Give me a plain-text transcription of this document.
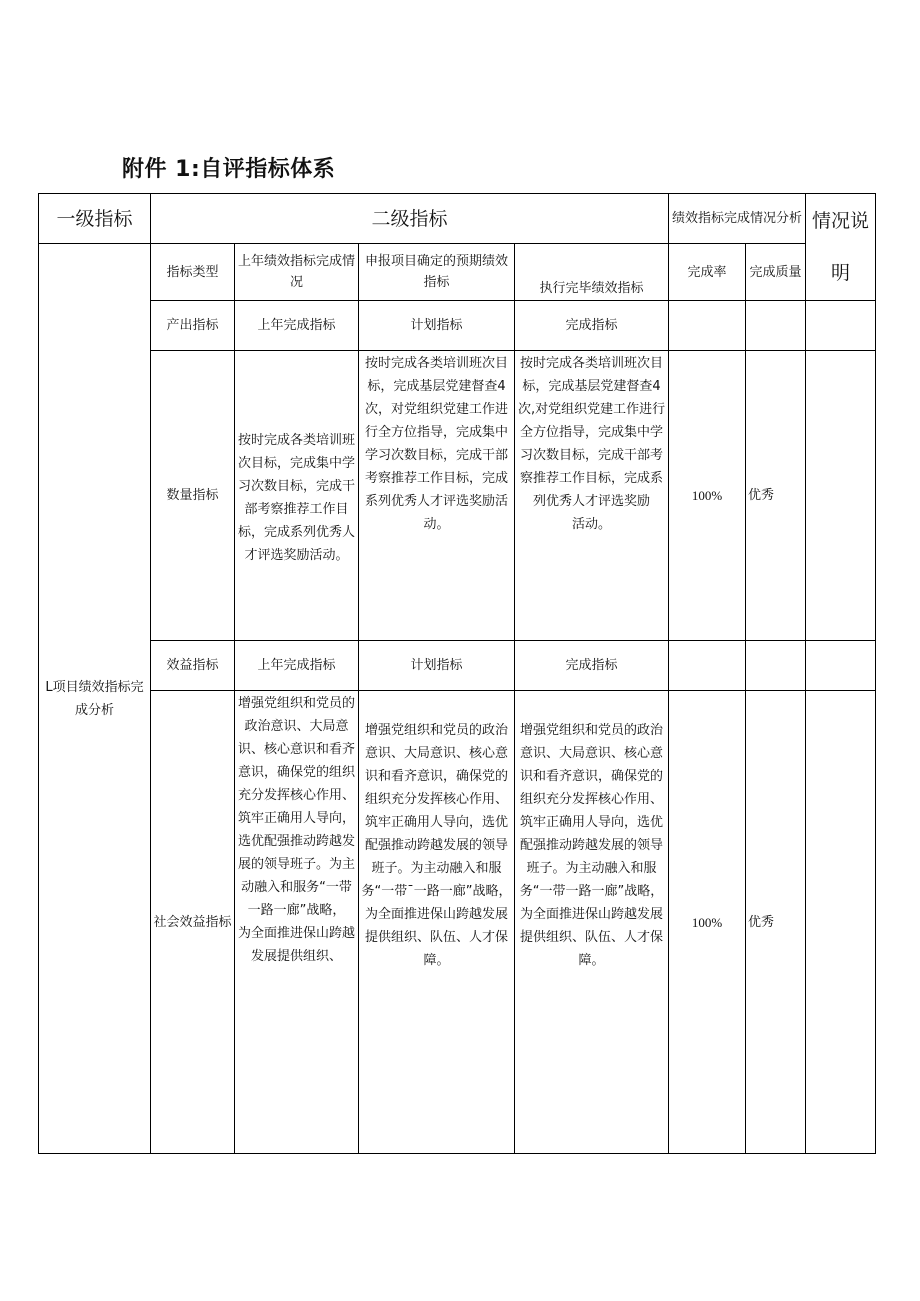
附件 1:自评指标体系
一级指标	二级指标				绩效指标完成情况分析		情况说明
L项目绩效指标完成分析	指标类型	上年绩效指标完成情况	申报项目确定的预期绩效指标	执行完毕绩效指标	完成率	完成质量	
	产出指标	上年完成指标	计划指标	完成指标			
	数量指标	按时完成各类培训班次目标，完成集中学习次数目标，完成干部考察推荐工作目标，完成系列优秀人才评选奖励活动。	按时完成各类培训班次目标，完成基层党建督查4次，对党组织党建工作进行全方位指导，完成集中学习次数目标，完成干部考察推荐工作目标，完成系列优秀人才评选奖励活动。	按时完成各类培训班次目标，完成基层党建督查4次,对党组织党建工作进行全方位指导，完成集中学习次数目标，完成干部考察推荐工作目标，完成系列优秀人才评选奖励
活动。	100%	优秀	
	效益指标	上年完成指标	计划指标	完成指标			
	社会效益指标	增强党组织和党员的政治意识、大局意识、核心意识和看齐意识，确保党的组织充分发挥核心作用、
筑牢正确用人导向，选优配强推动跨越发展的领导班子。为主
动融入和服务“一带一路一廊”战略，
为全面推进保山跨越发展提供组织、	增强党组织和党员的政治意识、大局意识、核心意识和看齐意识，确保党的组织充分发挥核心作用、筑牢正确用人导向，选优配强推动跨越发展的领导班子。为主动融入和服务“一带ˉ一路一廊”战略，为全面推进保山跨越发展提供组织、队伍、人才保障。	增强党组织和党员的政治意识、大局意识、核心意识和看齐意识，确保党的组织充分发挥核心作用、筑牢正确用人导向，选优配强推动跨越发展的领导班子。为主动融入和服务“一带一路一廊”战略，为全面推进保山跨越发展提供组织、队伍、人才保障。	100%	优秀	
